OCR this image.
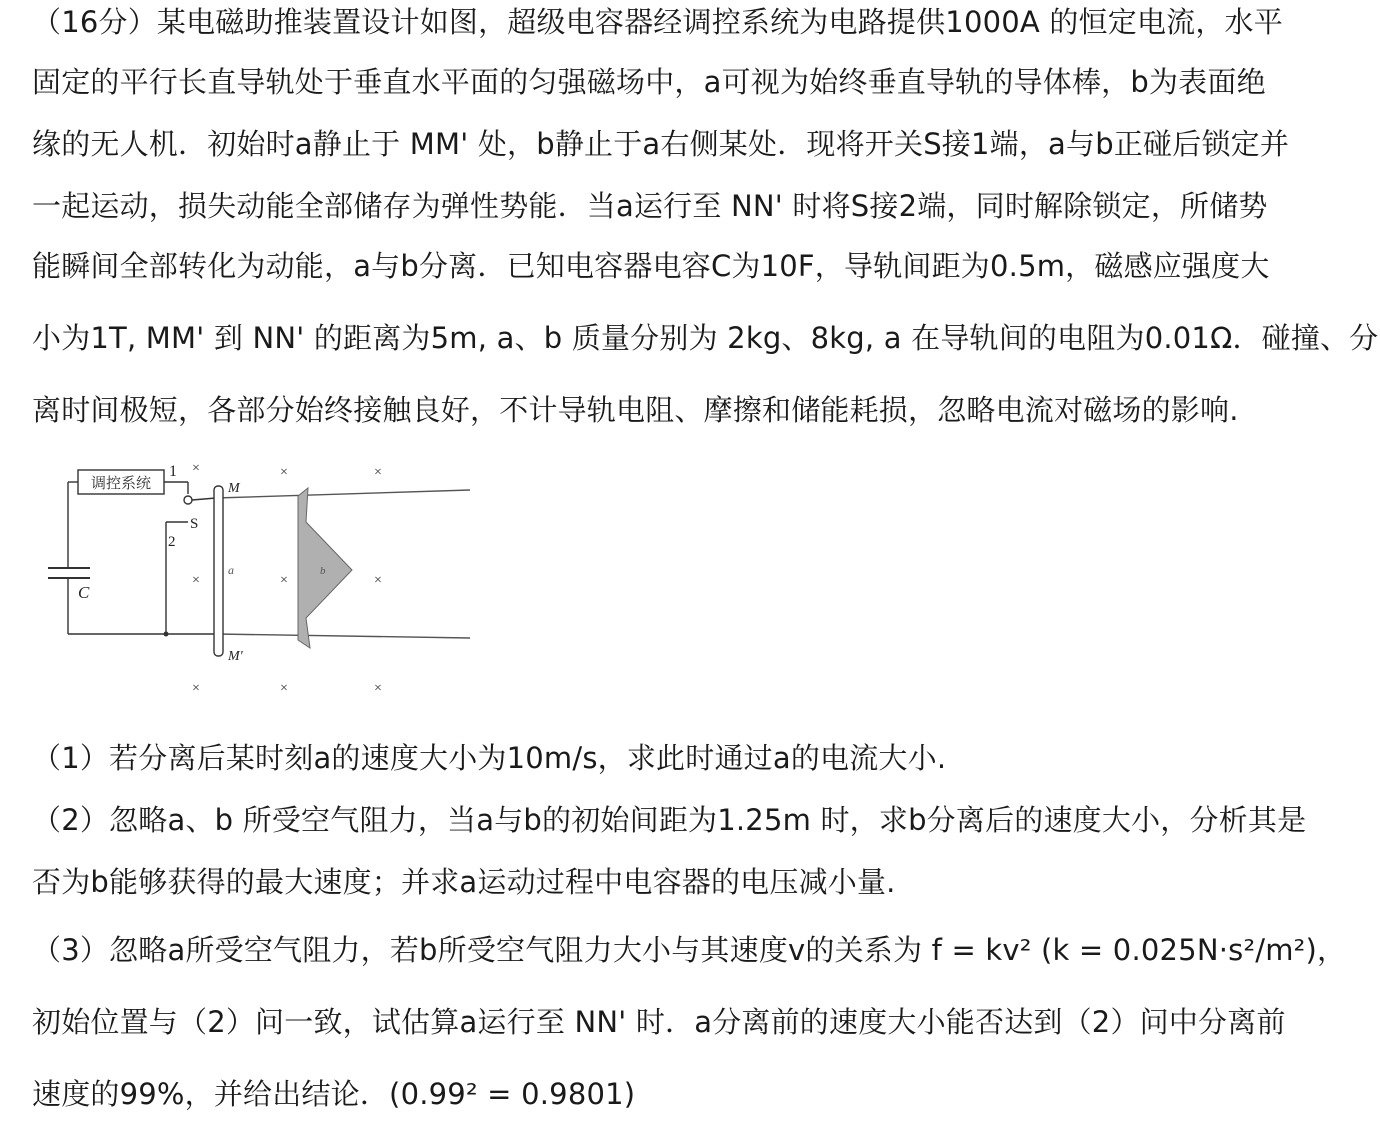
（16分）某电磁助推装置设计如图，超级电容器经调控系统为电路提供1000A 的恒定电流，水平
固定的平行长直导轨处于垂直水平面的匀强磁场中，a可视为始终垂直导轨的导体棒，b为表面绝
缘的无人机．初始时a静止于 MM' 处，b静止于a右侧某处．现将开关S接1端，a与b正碰后锁定并
一起运动，损失动能全部储存为弹性势能．当a运行至 NN' 时将S接2端，同时解除锁定，所储势
能瞬间全部转化为动能，a与b分离．已知电容器电容C为10F，导轨间距为0.5m，磁感应强度大
小为1T, MM' 到 NN' 的距离为5m, a、b 质量分别为 2kg、8kg, a 在导轨间的电阻为0.01Ω．碰撞、分
离时间极短，各部分始终接触良好，不计导轨电阻、摩擦和储能耗损，忽略电流对磁场的影响.
调控系统
1
C
S
2
M
M'
a	b
×	×	×
×	×	×
×	×	×
（1）若分离后某时刻a的速度大小为10m/s，求此时通过a的电流大小.
（2）忽略a、b 所受空气阻力，当a与b的初始间距为1.25m 时，求b分离后的速度大小，分析其是
否为b能够获得的最大速度；并求a运动过程中电容器的电压减小量.
（3）忽略a所受空气阻力，若b所受空气阻力大小与其速度v的关系为 f = kv² (k = 0.025N·s²/m²)，
初始位置与（2）问一致，试估算a运行至 NN' 时．a分离前的速度大小能否达到（2）问中分离前
速度的99%，并给出结论．(0.99² = 0.9801)
